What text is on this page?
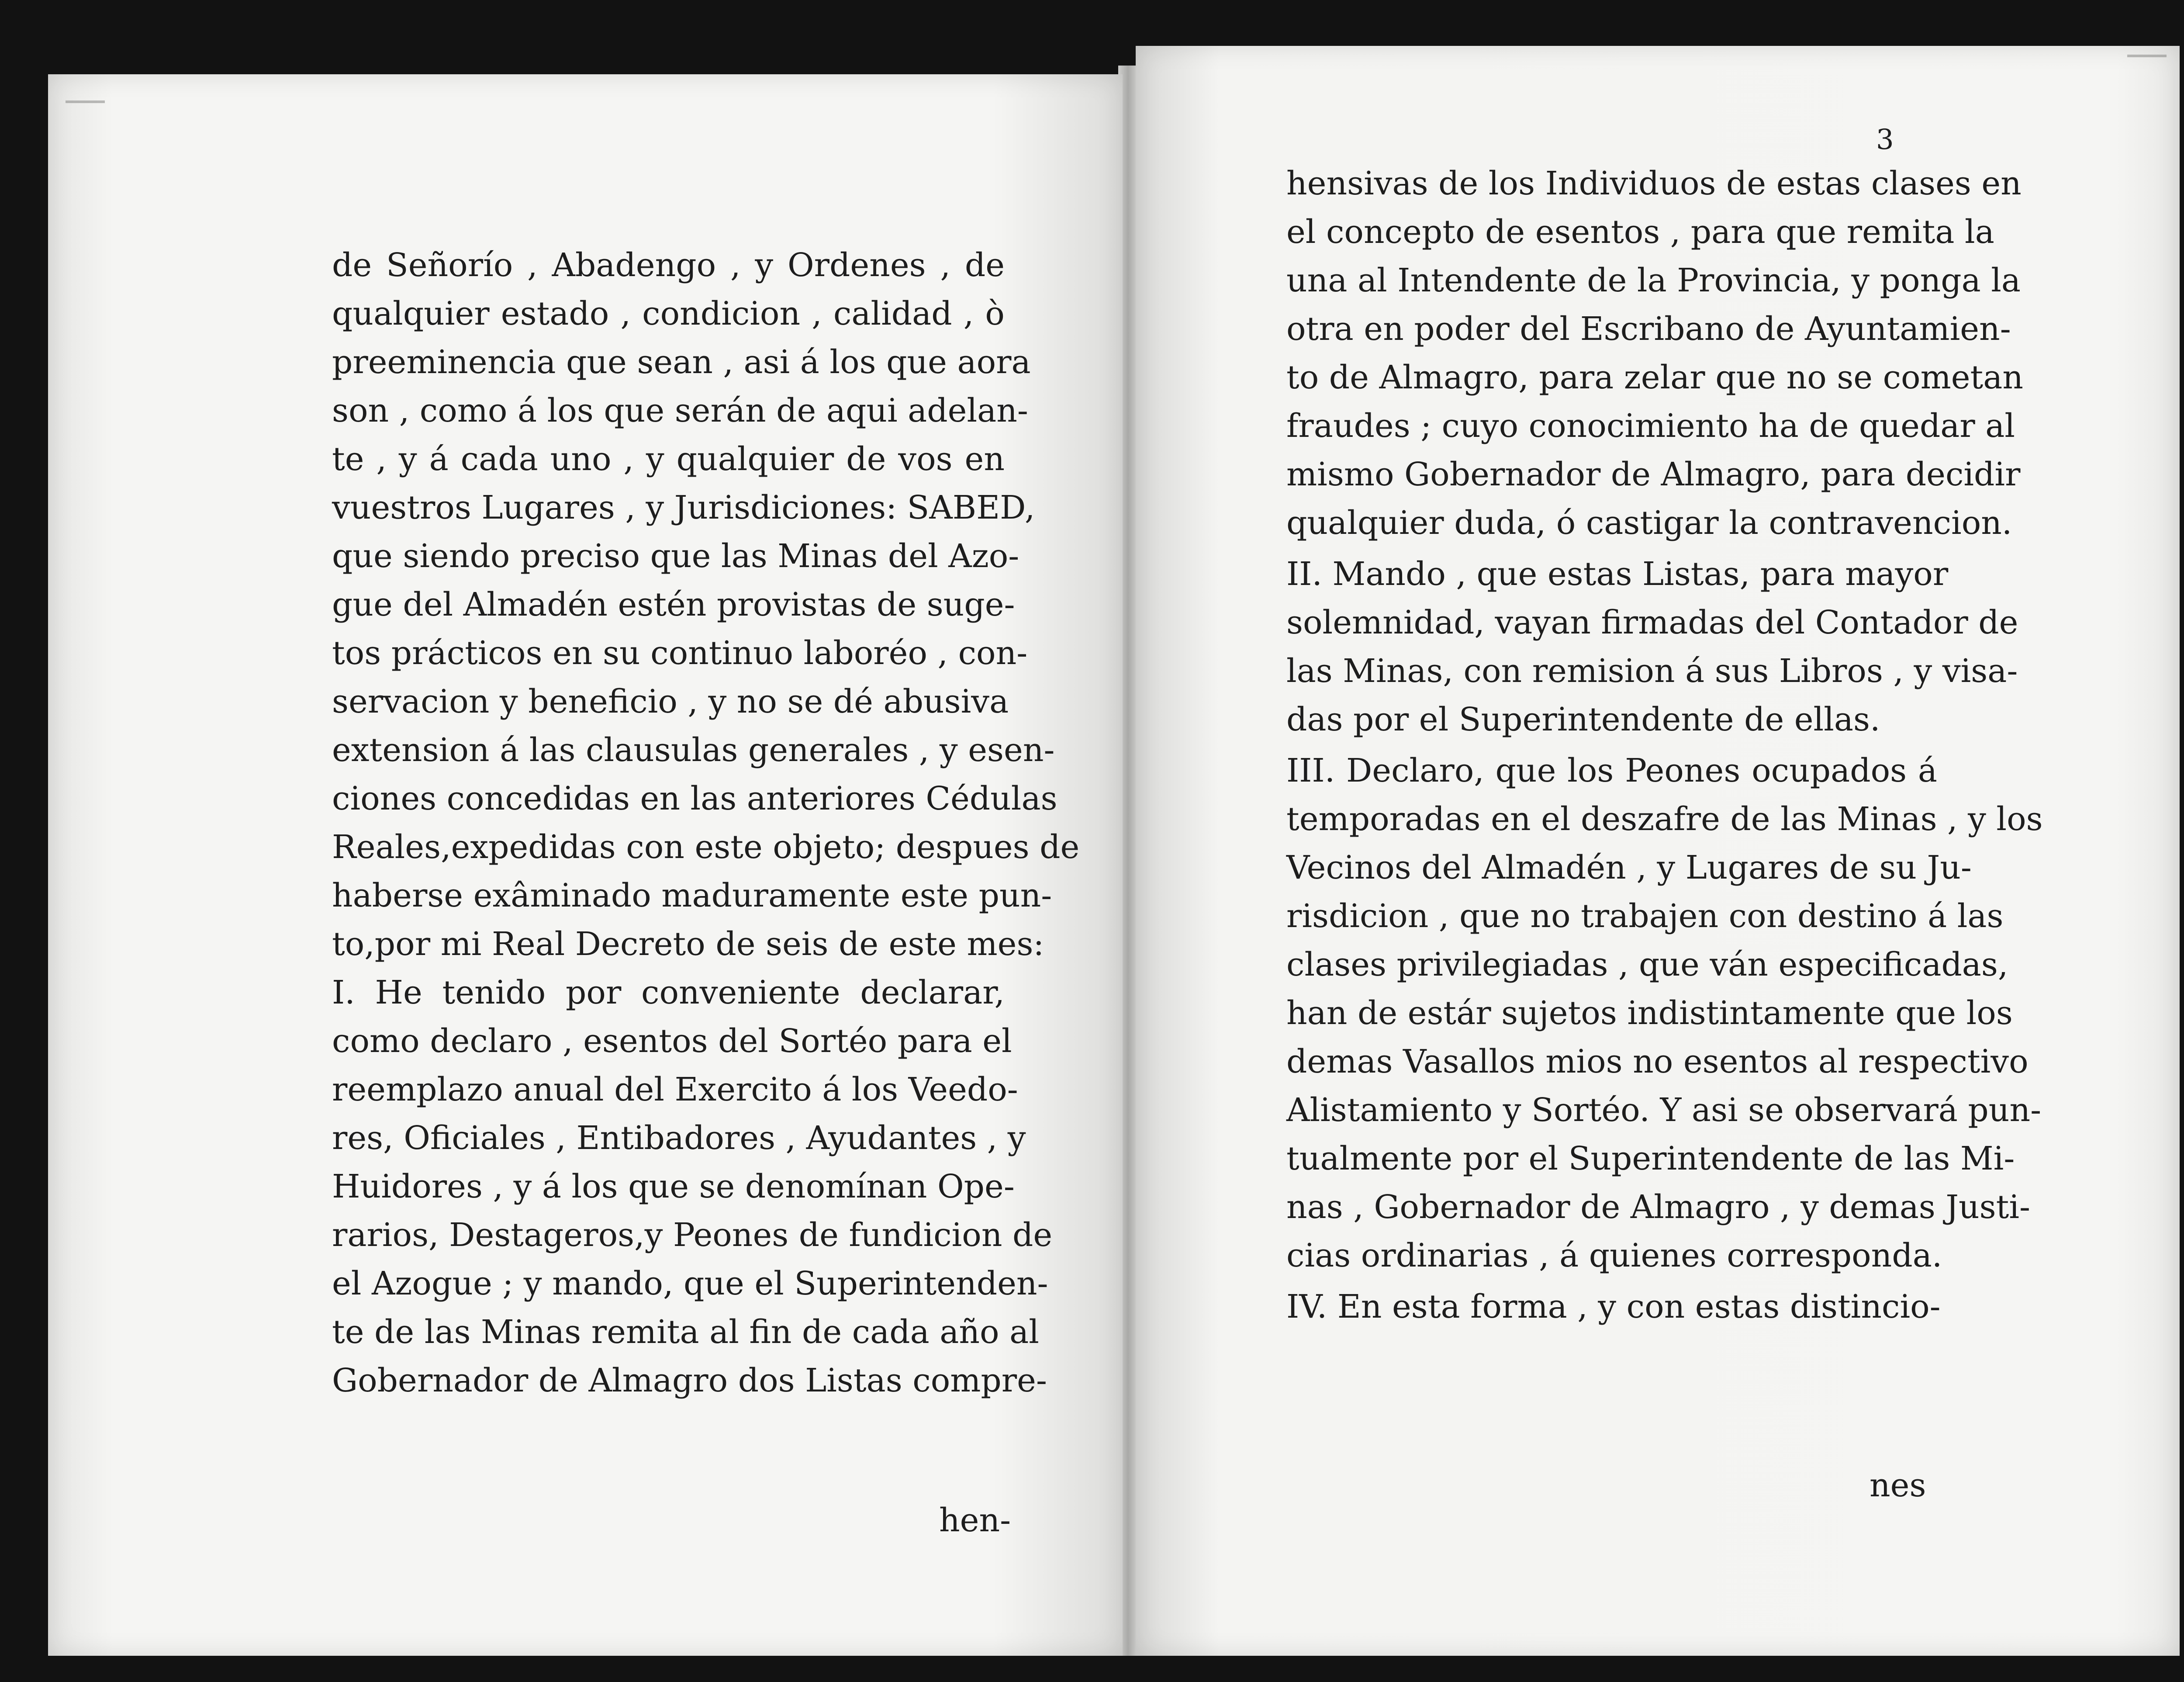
de Señorío , Abadengo , y Ordenes , de
qualquier estado , condicion , calidad , ò
preeminencia que sean , asi á los que aora
son , como á los que serán de aqui adelan-
te , y á cada uno , y qualquier de vos en
vuestros Lugares , y Jurisdiciones: SABED,
que siendo preciso que las Minas del Azo-
gue del Almadén estén provistas de suge-
tos prácticos en su continuo laboréo , con-
servacion y beneficio , y no se dé abusiva
extension á las clausulas generales , y esen-
ciones concedidas en las anteriores Cédulas
Reales,expedidas con este objeto; despues de
haberse exâminado maduramente este pun-
to,por mi Real Decreto de seis de este mes:
I. He tenido por conveniente declarar,
como declaro , esentos del Sortéo para el
reemplazo anual del Exercito á los Veedo-
res, Oficiales , Entibadores , Ayudantes , y
Huidores , y á los que se denomínan Ope-
rarios, Destageros,y Peones de fundicion de
el Azogue ; y mando, que el Superintenden-
te de las Minas remita al fin de cada año al
Gobernador de Almagro dos Listas compre-
hen-
3
hensivas de los Individuos de estas clases en
el concepto de esentos , para que remita la
una al Intendente de la Provincia, y ponga la
otra en poder del Escribano de Ayuntamien-
to de Almagro, para zelar que no se cometan
fraudes ; cuyo conocimiento ha de quedar al
mismo Gobernador de Almagro, para decidir
qualquier duda, ó castigar la contravencion.
II. Mando , que estas Listas, para mayor
solemnidad, vayan firmadas del Contador de
las Minas, con remision á sus Libros , y visa-
das por el Superintendente de ellas.
III. Declaro, que los Peones ocupados á
temporadas en el deszafre de las Minas , y los
Vecinos del Almadén , y Lugares de su Ju-
risdicion , que no trabajen con destino á las
clases privilegiadas , que ván especificadas,
han de estár sujetos indistintamente que los
demas Vasallos mios no esentos al respectivo
Alistamiento y Sortéo. Y asi se observará pun-
tualmente por el Superintendente de las Mi-
nas , Gobernador de Almagro , y demas Justi-
cias ordinarias , á quienes corresponda.
IV. En esta forma , y con estas distincio-
nes
